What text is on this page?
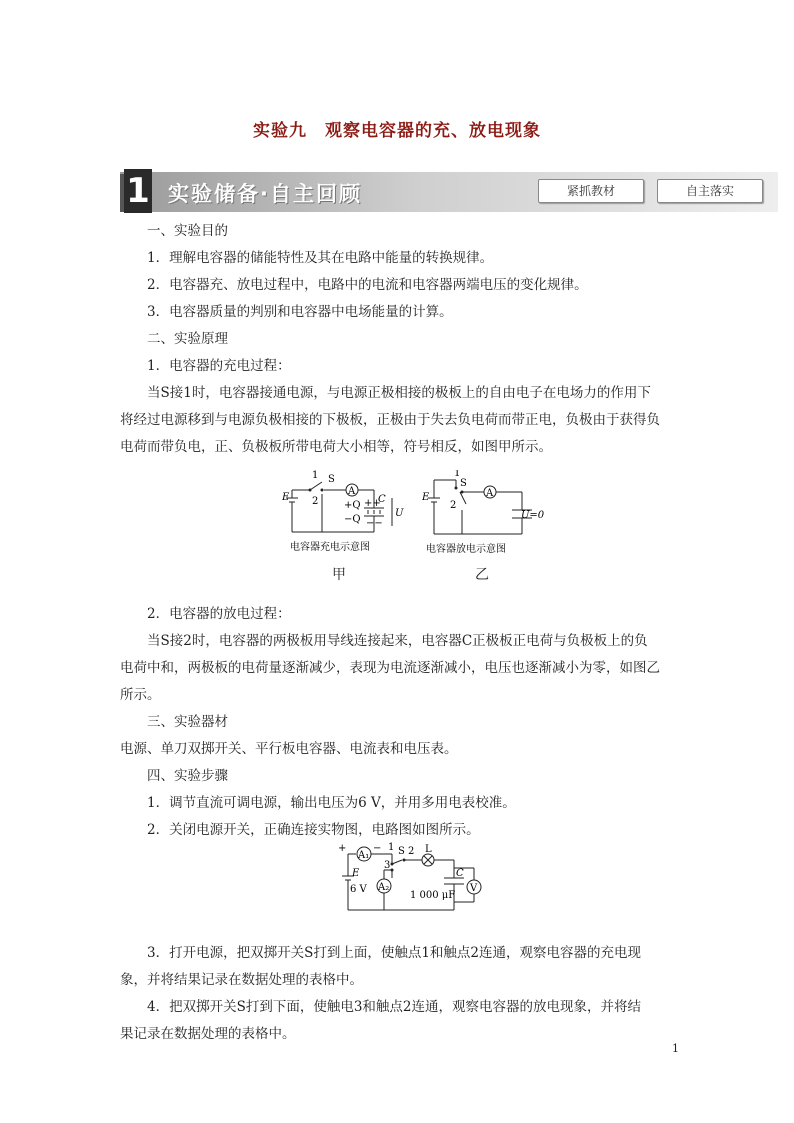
实验九　观察电容器的充、放电现象
1 实验储备·自主回顾	紧抓教材	自主落实
一、实验目的
1．理解电容器的储能特性及其在电路中能量的转换规律。
2．电容器充、放电过程中，电路中的电流和电容器两端电压的变化规律。
3．电容器质量的判别和电容器中电场能量的计算。
二、实验原理
1．电容器的充电过程：
当S接1时，电容器接通电源，与电源正极相接的极板上的自由电子在电场力的作用下
将经过电源移到与电源负极相接的下极板，正极由于失去负电荷而带正电，负极由于获得负
电荷而带负电，正、负极板所带电荷大小相等，符号相反，如图甲所示。
2．电容器的放电过程：
当S接2时，电容器的两极板用导线连接起来，电容器C正极板正电荷与负极板上的负
电荷中和，两极板的电荷量逐渐减少，表现为电流逐渐减小，电压也逐渐减小为零，如图乙
所示。
三、实验器材
电源、单刀双掷开关、平行板电容器、电流表和电压表。
四、实验步骤
1．调节直流可调电源，输出电压为6 V，并用多用电表校准。
2．关闭电源开关，正确连接实物图，电路图如图所示。
3．打开电源，把双掷开关S打到上面，使触点1和触点2连通，观察电容器的充电现
象，并将结果记录在数据处理的表格中。
4．把双掷开关S打到下面，使触电3和触点2连通，观察电容器的放电现象，并将结
果记录在数据处理的表格中。
E
1 S
2
A
C
++
+Q
−Q −−
U
电容器充电示意图
甲
E
1
S
2
A
U=0
电容器放电示意图
乙
+
A₁
− 1 S 2
3
L
E
6 V A₂
C
1 000 μF
V
1
